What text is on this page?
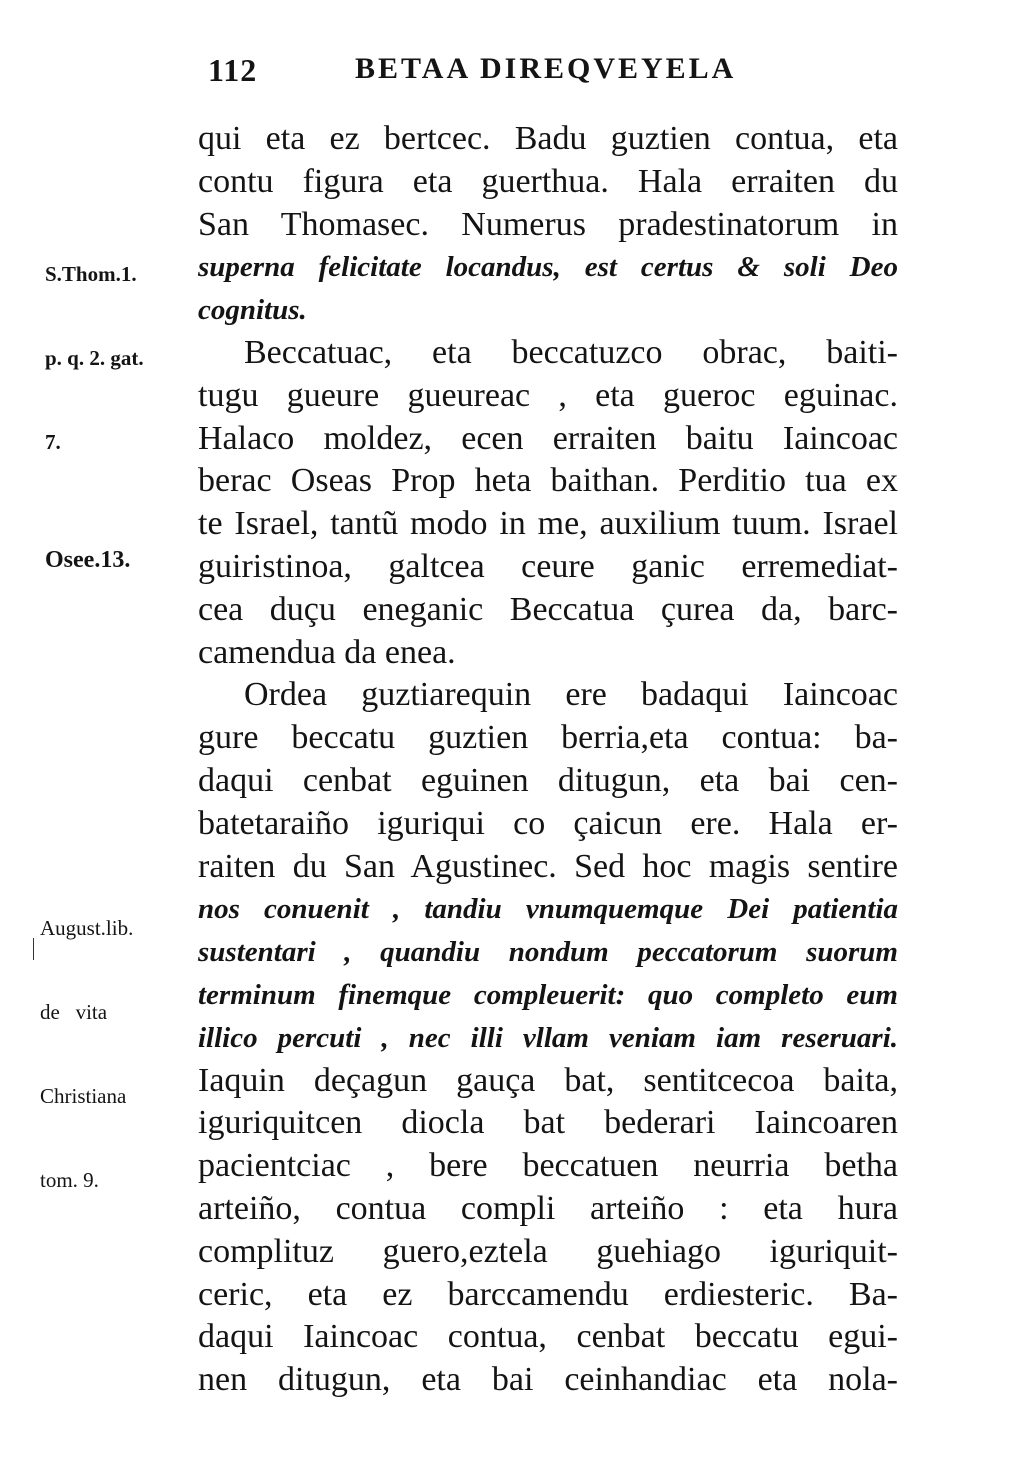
112	BETAA DIREQVEYELA

S.Thom.1.

p. q. 2. gat.

7.

Osee.13.

August.lib.

de   vita

Christiana

tom. 9.

qui eta ez bertcec. Badu guztien contua, eta
contu figura eta guerthua. Hala erraiten du
San Thomasec. Numerus pradestinatorum in
superna felicitate locandus, est certus & soli Deo
cognitus.
Beccatuac, eta beccatuzco obrac, baiti-
tugu gueure gueureac , eta gueroc eguinac.
Halaco moldez, ecen erraiten baitu Iaincoac
berac Oseas Prop heta baithan. Perditio tua ex
te Israel, tantũ modo in me, auxilium tuum. Israel
guiristinoa, galtcea ceure ganic erremediat-
cea duçu eneganic Beccatua çurea da, barc-
camendua da enea.
Ordea guztiarequin ere badaqui Iaincoac
gure beccatu guztien berria,eta contua: ba-
daqui cenbat eguinen ditugun, eta bai cen-
batetaraiño iguriqui co çaicun ere. Hala er-
raiten du San Agustinec. Sed hoc magis sentire
nos conuenit , tandiu vnumquemque Dei patientia
sustentari , quandiu nondum peccatorum suorum
terminum finemque compleuerit: quo completo eum
illico percuti , nec illi vllam veniam iam reseruari.
Iaquin deçagun gauça bat, sentitcecoa baita,
iguriquitcen diocla bat bederari Iaincoaren
pacientciac , bere beccatuen neurria betha
arteiño, contua compli arteiño : eta hura
complituz guero,eztela guehiago iguriquit-
ceric, eta ez barccamendu erdiesteric. Ba-
daqui Iaincoac contua, cenbat beccatu egui-
nen ditugun, eta bai ceinhandiac eta nola-
